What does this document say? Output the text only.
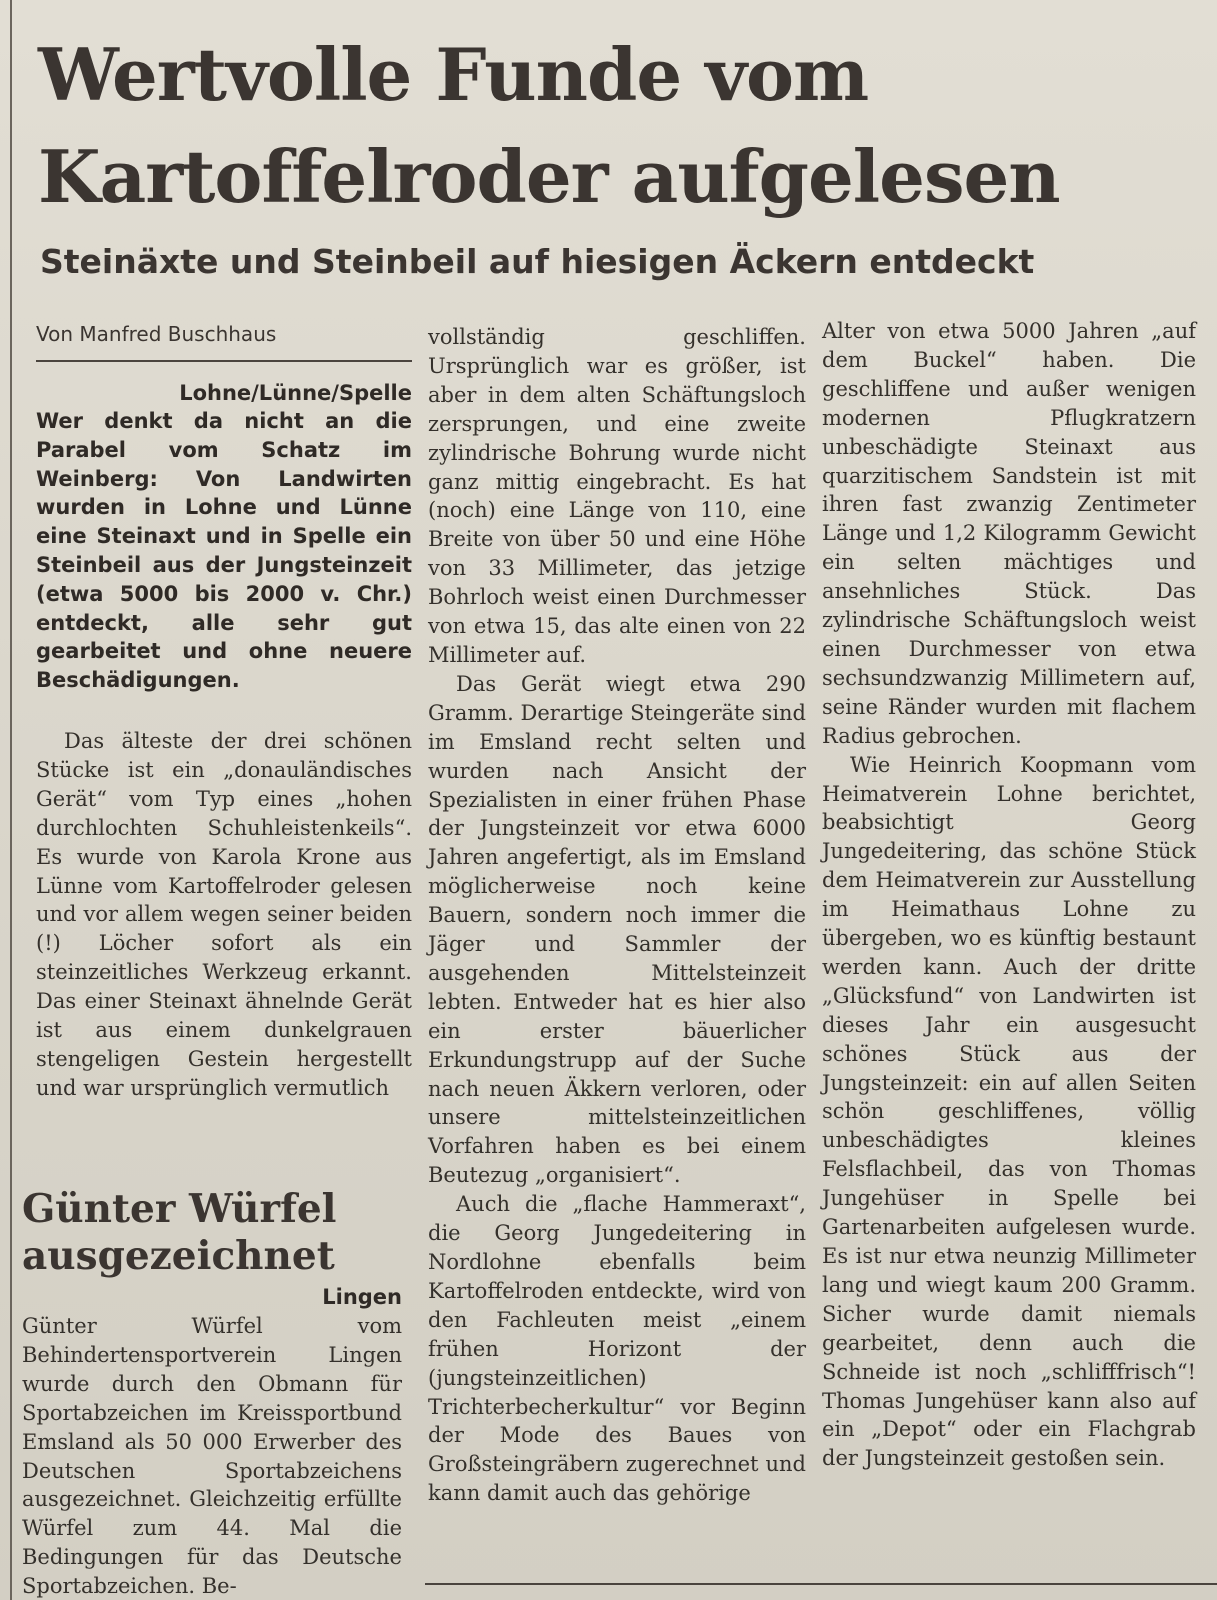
Wertvolle Funde vom
Kartoffelroder aufgelesen
Steinäxte und Steinbeil auf hiesigen Äckern entdeckt
Von Manfred Buschhaus
Lohne/Lünne/Spelle

Wer denkt da nicht an die Parabel vom Schatz im Weinberg: Von Landwirten wurden in Lohne und Lünne eine Steinaxt und in Spelle ein Steinbeil aus der Jungsteinzeit (etwa 5000 bis 2000 v. Chr.) entdeckt, alle sehr gut gearbeitet und ohne neuere Beschädigungen.

Das älteste der drei schönen Stücke ist ein „donauländisches Gerät“ vom Typ eines „hohen durchlochten Schuhleistenkeils“. Es wurde von Karola Krone aus Lünne vom Kartoffelroder gelesen und vor allem wegen seiner beiden (!) Löcher sofort als ein steinzeitliches Werkzeug erkannt. Das einer Steinaxt ähnelnde Gerät ist aus einem dunkelgrauen stengeligen Gestein hergestellt und war ursprünglich vermutlich

vollständig geschliffen. Ursprünglich war es größer, ist aber in dem alten Schäftungsloch zersprungen, und eine zweite zylindrische Bohrung wurde nicht ganz mittig eingebracht. Es hat (noch) eine Länge von 110, eine Breite von über 50 und eine Höhe von 33 Millimeter, das jetzige Bohrloch weist einen Durchmesser von etwa 15, das alte einen von 22 Millimeter auf.

Das Gerät wiegt etwa 290 Gramm. Derartige Steingeräte sind im Emsland recht selten und wurden nach Ansicht der Spezialisten in einer frühen Phase der Jungsteinzeit vor etwa 6000 Jahren angefertigt, als im Emsland möglicherweise noch keine Bauern, sondern noch immer die Jäger und Sammler der ausgehenden Mittelsteinzeit lebten. Entweder hat es hier also ein erster bäuerlicher Erkundungstrupp auf der Suche nach neuen Äkkern verloren, oder unsere mittelsteinzeitlichen Vorfahren haben es bei einem Beutezug „organisiert“.

Auch die „flache Hammeraxt“, die Georg Jungedeitering in Nordlohne ebenfalls beim Kartoffelroden entdeckte, wird von den Fachleuten meist „einem frühen Horizont der (jungsteinzeitlichen) Trichterbecherkultur“ vor Beginn der Mode des Baues von Großsteingräbern zugerechnet und kann damit auch das gehörige

Alter von etwa 5000 Jahren „auf dem Buckel“ haben. Die geschliffene und außer wenigen modernen Pflugkratzern unbeschädigte Steinaxt aus quarzitischem Sandstein ist mit ihren fast zwanzig Zentimeter Länge und 1,2 Kilogramm Gewicht ein selten mächtiges und ansehnliches Stück. Das zylindrische Schäftungsloch weist einen Durchmesser von etwa sechsundzwanzig Millimetern auf, seine Ränder wurden mit flachem Radius gebrochen.

Wie Heinrich Koopmann vom Heimatverein Lohne berichtet, beabsichtigt Georg Jungedeitering, das schöne Stück dem Heimatverein zur Ausstellung im Heimathaus Lohne zu übergeben, wo es künftig bestaunt werden kann. Auch der dritte „Glücksfund“ von Landwirten ist dieses Jahr ein ausgesucht schönes Stück aus der Jungsteinzeit: ein auf allen Seiten schön geschliffenes, völlig unbeschädigtes kleines Felsflachbeil, das von Thomas Jungehüser in Spelle bei Gartenarbeiten aufgelesen wurde. Es ist nur etwa neunzig Millimeter lang und wiegt kaum 200 Gramm. Sicher wurde damit niemals gearbeitet, denn auch die Schneide ist noch „schlifffrisch“! Thomas Jungehüser kann also auf ein „Depot“ oder ein Flachgrab der Jungsteinzeit gestoßen sein.

Günter Würfel ausgezeichnet
Lingen

Günter Würfel vom Behindertensportverein Lingen wurde durch den Obmann für Sportabzeichen im Kreissportbund Emsland als 50 000 Erwerber des Deutschen Sportabzeichens ausgezeichnet. Gleichzeitig erfüllte Würfel zum 44. Mal die Bedingungen für das Deutsche Sportabzeichen. Be-
